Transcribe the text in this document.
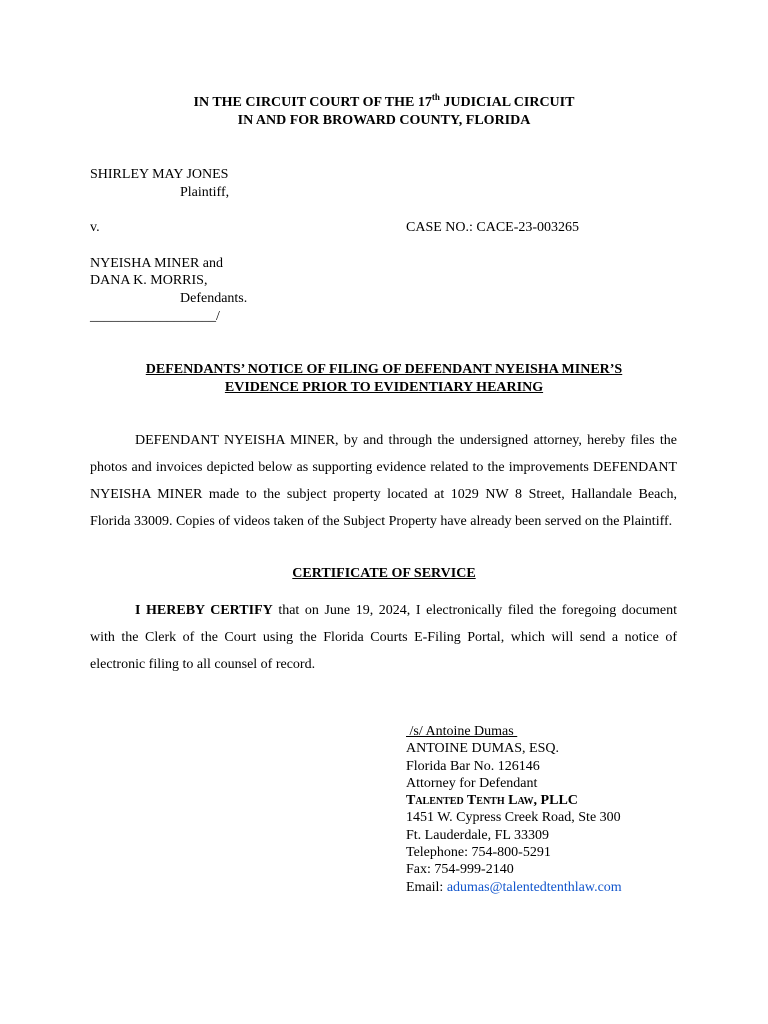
IN THE CIRCUIT COURT OF THE 17th JUDICIAL CIRCUIT
IN AND FOR BROWARD COUNTY, FLORIDA
SHIRLEY MAY JONES
Plaintiff,
v.	CASE NO.: CACE-23-003265
NYEISHA MINER and
DANA K. MORRIS,
Defendants.
__________________/
DEFENDANTS’ NOTICE OF FILING OF DEFENDANT NYEISHA MINER’S
EVIDENCE PRIOR TO EVIDENTIARY HEARING
DEFENDANT NYEISHA MINER, by and through the undersigned attorney, hereby files the photos and invoices depicted below as supporting evidence related to the improvements DEFENDANT NYEISHA MINER made to the subject property located at 1029 NW 8 Street, Hallandale Beach, Florida 33009. Copies of videos taken of the Subject Property have already been served on the Plaintiff.
CERTIFICATE OF SERVICE
I HEREBY CERTIFY that on June 19, 2024, I electronically filed the foregoing document with the Clerk of the Court using the Florida Courts E-Filing Portal, which will send a notice of electronic filing to all counsel of record.
/s/ Antoine Dumas
ANTOINE DUMAS, ESQ.
Florida Bar No. 126146
Attorney for Defendant
Talented Tenth Law, PLLC
1451 W. Cypress Creek Road, Ste 300
Ft. Lauderdale, FL 33309
Telephone: 754-800-5291
Fax: 754-999-2140
Email: adumas@talentedtenthlaw.com
